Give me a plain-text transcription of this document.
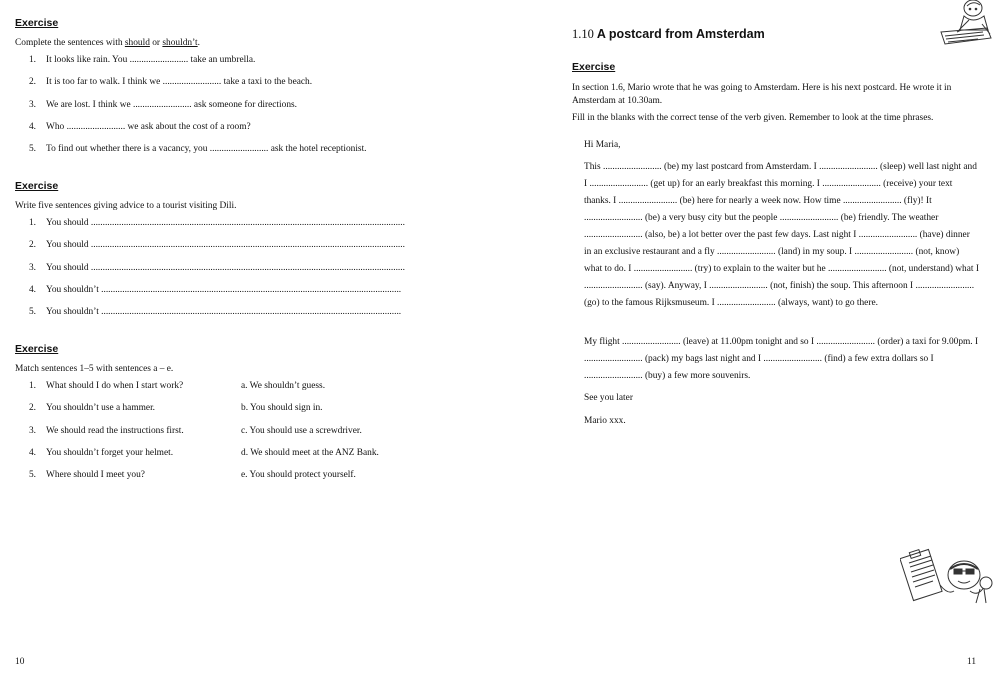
Exercise
Complete the sentences with should or shouldn’t.
1. It looks like rain. You ......................... take an umbrella.
2. It is too far to walk. I think we ......................... take a taxi to the beach.
3. We are lost. I think we ......................... ask someone for directions.
4. Who ......................... we ask about the cost of a room?
5. To find out whether there is a vacancy, you ......................... ask the hotel receptionist.
Exercise
Write five sentences giving advice to a tourist visiting Dili.
1. You should ......................................................................................................................................
2. You should ......................................................................................................................................
3. You should ......................................................................................................................................
4. You shouldn’t ................................................................................................................................
5. You shouldn’t ................................................................................................................................
Exercise
Match sentences 1–5 with sentences a – e.
1. What should I do when I start work?	a. We shouldn’t guess.
2. You shouldn’t use a hammer.	b. You should sign in.
3. We should read the instructions first.	c. You should use a screwdriver.
4. You shouldn’t forget your helmet.	d. We should meet at the ANZ Bank.
5. Where should I meet you?	e. You should protect yourself.
10
1.10 A postcard from Amsterdam
Exercise
In section 1.6, Mario wrote that he was going to Amsterdam. Here is his next postcard. He wrote it in Amsterdam at 10.30am.
Fill in the blanks with the correct tense of the verb given. Remember to look at the time phrases.
Hi Maria,
This ......................... (be) my last postcard from Amsterdam. I ......................... (sleep) well last night and I ......................... (get up) for an early breakfast this morning. I ......................... (receive) your text thanks. I ......................... (be) here for nearly a week now. How time ......................... (fly)! It ......................... (be) a very busy city but the people ......................... (be) friendly. The weather ......................... (also, be) a lot better over the past few days. Last night I ......................... (have) dinner in an exclusive restaurant and a fly ......................... (land) in my soup. I ......................... (not, know) what to do. I ......................... (try) to explain to the waiter but he ......................... (not, understand) what I ......................... (say). Anyway, I ......................... (not, finish) the soup. This afternoon I ......................... (go) to the famous Rijksmuseum. I ......................... (always, want) to go there.
My flight ......................... (leave) at 11.00pm tonight and so I ......................... (order) a taxi for 9.00pm. I ......................... (pack) my bags last night and I ......................... (find) a few extra dollars so I ......................... (buy) a few more souvenirs.
See you later
Mario xxx.
11
